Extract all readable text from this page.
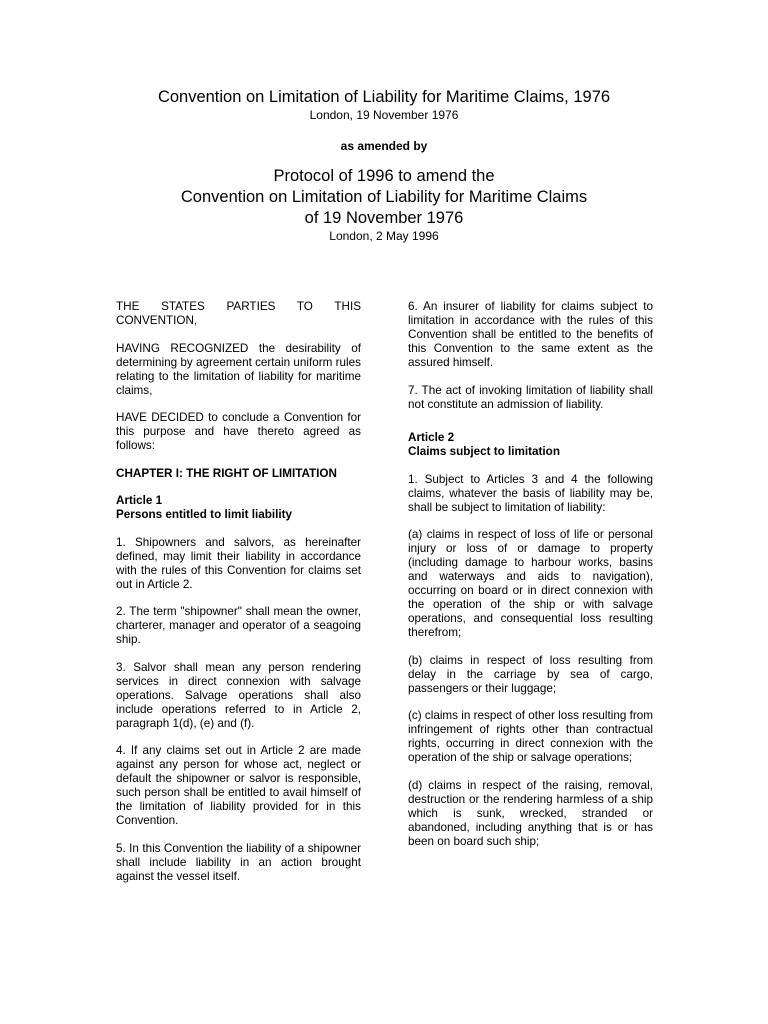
Convention on Limitation of Liability for Maritime Claims, 1976
London, 19 November 1976
as amended by
Protocol of 1996 to amend the
Convention on Limitation of Liability for Maritime Claims
of 19 November 1976
London, 2 May 1996

THE STATES PARTIES TO THIS CONVENTION,

HAVING RECOGNIZED the desirability of determining by agreement certain uniform rules relating to the limitation of liability for maritime claims,

HAVE DECIDED to conclude a Convention for this purpose and have thereto agreed as follows:

CHAPTER I: THE RIGHT OF LIMITATION

Article 1

Persons entitled to limit liability

1. Shipowners and salvors, as hereinafter defined, may limit their liability in accordance with the rules of this Convention for claims set out in Article 2.

2. The term "shipowner" shall mean the owner, charterer, manager and operator of a seagoing ship.

3. Salvor shall mean any person rendering services in direct connexion with salvage operations. Salvage operations shall also include operations referred to in Article 2, paragraph 1(d), (e) and (f).

4. If any claims set out in Article 2 are made against any person for whose act, neglect or default the shipowner or salvor is responsible, such person shall be entitled to avail himself of the limitation of liability provided for in this Convention.

5. In this Convention the liability of a shipowner shall include liability in an action brought against the vessel itself.

6. An insurer of liability for claims subject to limitation in accordance with the rules of this Convention shall be entitled to the benefits of this Convention to the same extent as the assured himself.

7. The act of invoking limitation of liability shall not constitute an admission of liability.

Article 2

Claims subject to limitation

1. Subject to Articles 3 and 4 the following claims, whatever the basis of liability may be, shall be subject to limitation of liability:

(a) claims in respect of loss of life or personal injury or loss of or damage to property (including damage to harbour works, basins and waterways and aids to navigation), occurring on board or in direct connexion with the operation of the ship or with salvage operations, and consequential loss resulting therefrom;

(b) claims in respect of loss resulting from delay in the carriage by sea of cargo, passengers or their luggage;

(c) claims in respect of other loss resulting from infringement of rights other than contractual rights, occurring in direct connexion with the operation of the ship or salvage operations;

(d) claims in respect of the raising, removal, destruction or the rendering harmless of a ship which is sunk, wrecked, stranded or abandoned, including anything that is or has been on board such ship;
